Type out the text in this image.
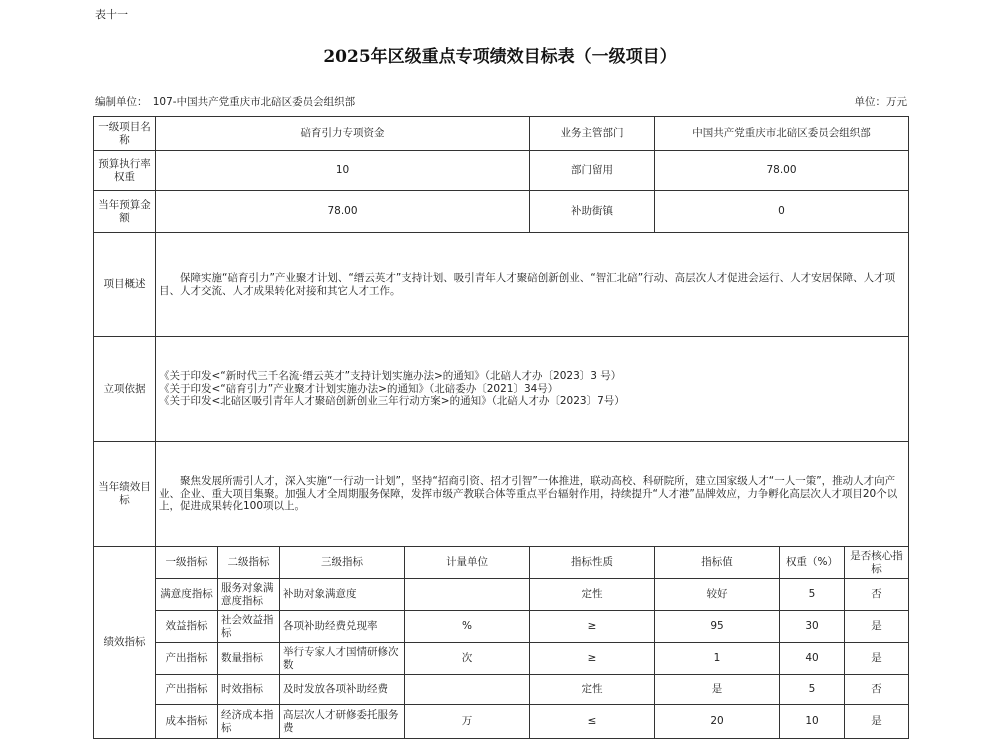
表十一
2025年区级重点专项绩效目标表（一级项目）
编制单位：　107-中国共产党重庆市北碚区委员会组织部	单位：万元
一级项目名称	碚育引力专项资金				业务主管部门	中国共产党重庆市北碚区委员会组织部		
预算执行率权重	10				部门留用	78.00		
当年预算金额	78.00				补助街镇	0		
项目概述	保障实施“碚育引力”产业聚才计划、“缙云英才”支持计划、吸引青年人才聚碚创新创业、“智汇北碚”行动、高层次人才促进会运行、人才安居保障、人才项目、人才交流、人才成果转化对接和其它人才工作。							
立项依据	《关于印发<“新时代三千名流·缙云英才”支持计划实施办法>的通知》（北碚人才办〔2023〕3 号）
《关于印发<“碚育引力”产业聚才计划实施办法>的通知》（北碚委办〔2021〕34号）
《关于印发<北碚区吸引青年人才聚碚创新创业三年行动方案>的通知》（北碚人才办〔2023〕7号）							

当年绩效目标	聚焦发展所需引人才，深入实施“一行动一计划”，坚持“招商引资、招才引智”一体推进，联动高校、科研院所，建立国家级人才“一人一策”，推动人才向产业、企业、重大项目集聚。加强人才全周期服务保障，发挥市级产教联合体等重点平台辐射作用，持续提升“人才港”品牌效应，力争孵化高层次人才项目20个以上，促进成果转化100项以上。							
绩效指标	一级指标	二级指标	三级指标	计量单位	指标性质	指标值	权重（%）	是否核心指标
	满意度指标	服务对象满意度指标	补助对象满意度		定性	较好	5	否
	效益指标	社会效益指标	各项补助经费兑现率	%	≥	95	30	是
	产出指标	数量指标	举行专家人才国情研修次数	次	≥	1	40	是
	产出指标	时效指标	及时发放各项补助经费		定性	是	5	否
	成本指标	经济成本指标	高层次人才研修委托服务费	万	≤	20	10	是
